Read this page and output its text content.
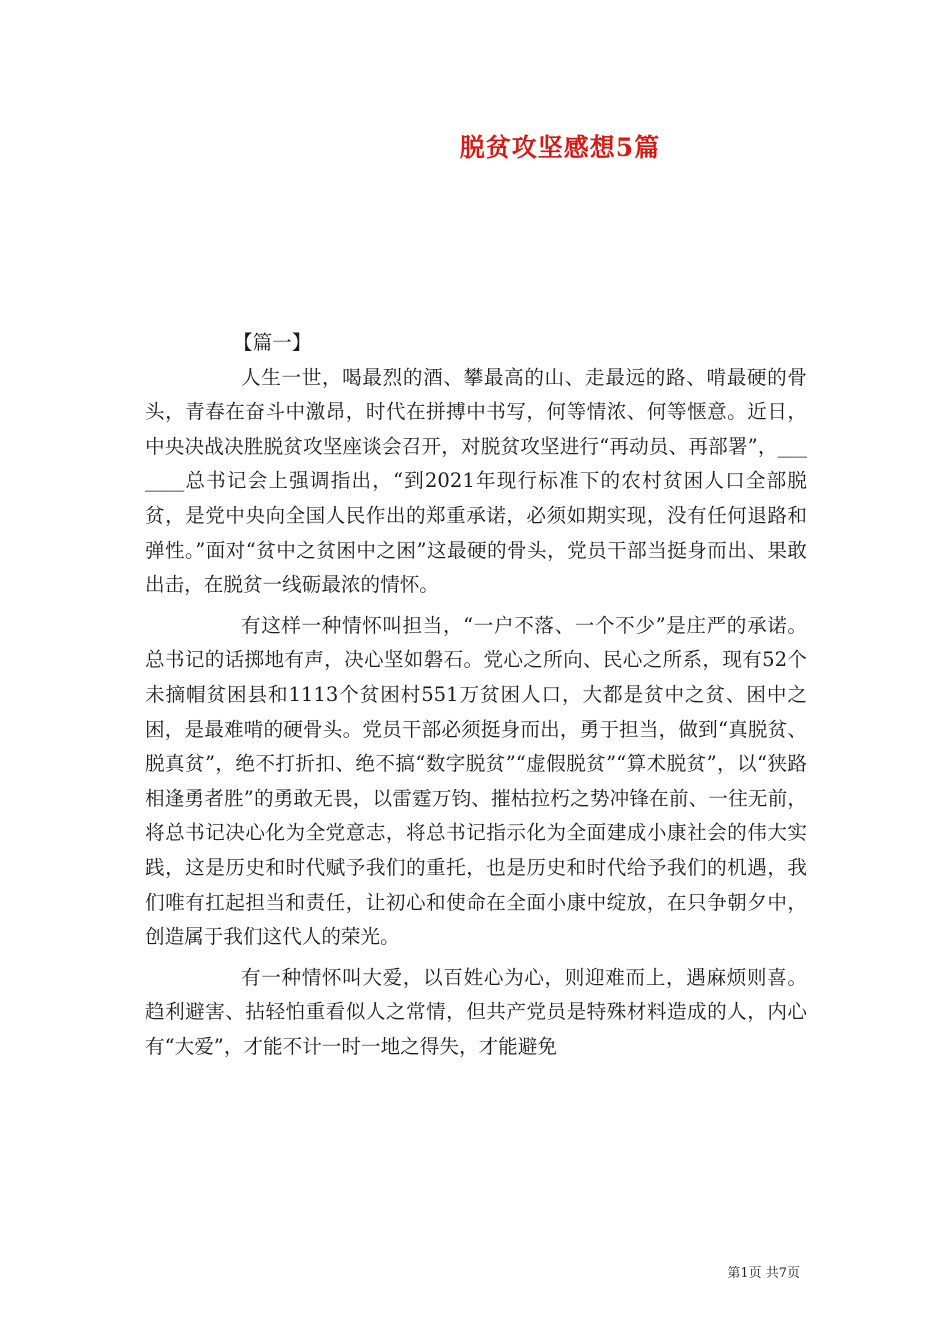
脱贫攻坚感想5篇

【篇一】

人生一世，喝最烈的酒、攀最高的山、走最远的路、啃最硬的骨头，青春在奋斗中激昂，时代在拼搏中书写，何等情浓、何等惬意。近日，中央决战决胜脱贫攻坚座谈会召开，对脱贫攻坚进行“再动员、再部署”，_______总书记会上强调指出，“到2021年现行标准下的农村贫困人口全部脱贫，是党中央向全国人民作出的郑重承诺，必须如期实现，没有任何退路和弹性。”面对“贫中之贫困中之困”这最硬的骨头，党员干部当挺身而出、果敢出击，在脱贫一线砺最浓的情怀。

有这样一种情怀叫担当，“一户不落、一个不少”是庄严的承诺。总书记的话掷地有声，决心坚如磐石。党心之所向、民心之所系，现有52个未摘帽贫困县和1113个贫困村551万贫困人口，大都是贫中之贫、困中之困，是最难啃的硬骨头。党员干部必须挺身而出，勇于担当，做到“真脱贫、脱真贫”，绝不打折扣、绝不搞“数字脱贫”“虚假脱贫”“算术脱贫”，以“狭路相逢勇者胜”的勇敢无畏，以雷霆万钧、摧枯拉朽之势冲锋在前、一往无前，将总书记决心化为全党意志，将总书记指示化为全面建成小康社会的伟大实践，这是历史和时代赋予我们的重托，也是历史和时代给予我们的机遇，我们唯有扛起担当和责任，让初心和使命在全面小康中绽放，在只争朝夕中，创造属于我们这代人的荣光。

有一种情怀叫大爱，以百姓心为心，则迎难而上，遇麻烦则喜。趋利避害、拈轻怕重看似人之常情，但共产党员是特殊材料造成的人，内心有“大爱”，才能不计一时一地之得失，才能避免

第1页 共7页
